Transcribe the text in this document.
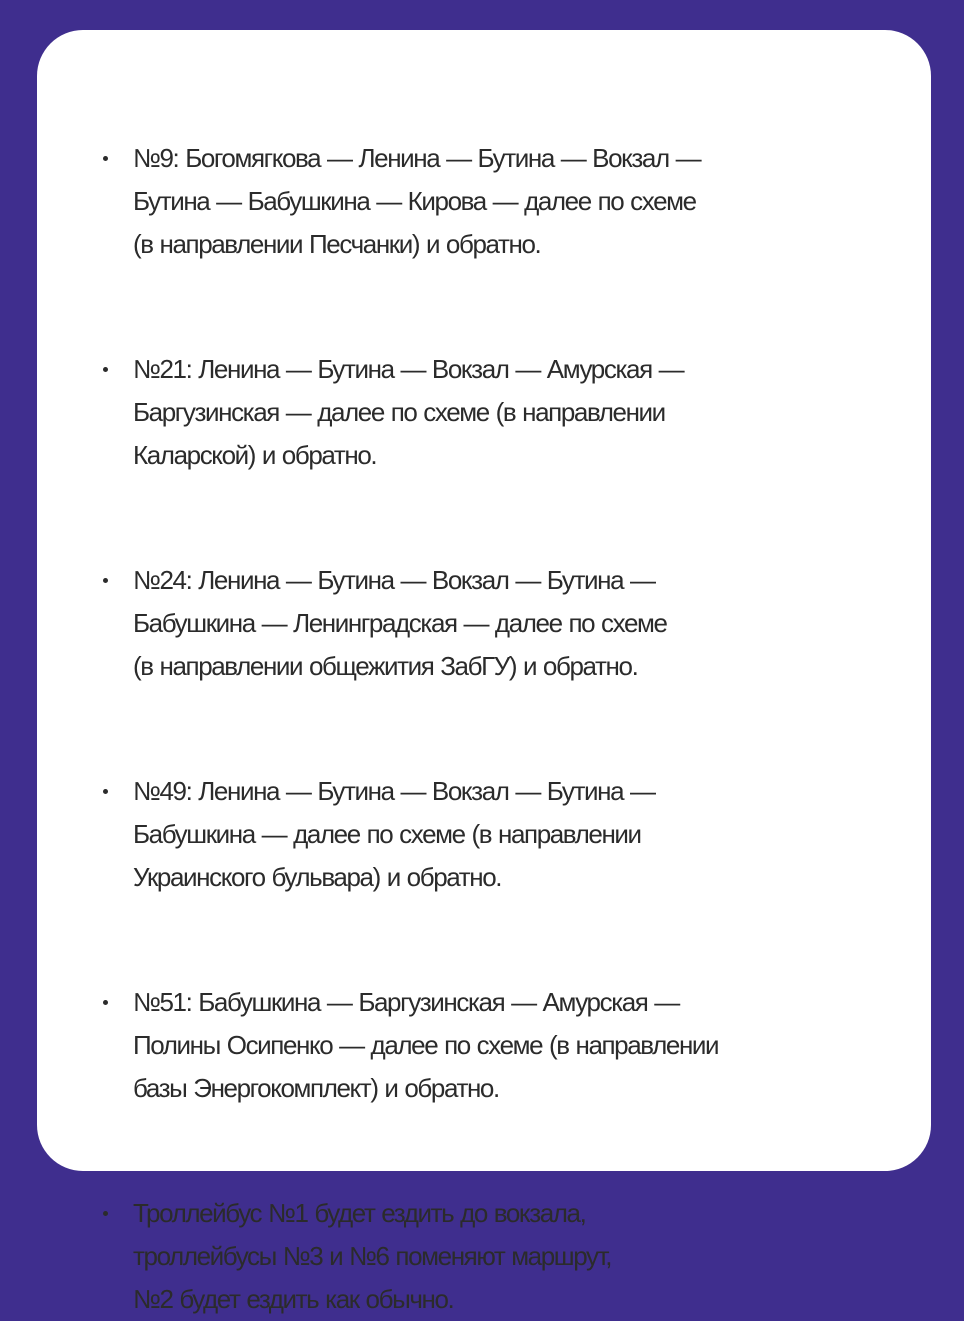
№9: Богомягкова — Ленина — Бутина — Вокзал —
Бутина — Бабушкина — Кирова — далее по схеме
(в направлении Песчанки) и обратно.
№21: Ленина — Бутина — Вокзал — Амурская —
Баргузинская — далее по схеме (в направлении
Каларской) и обратно.
№24: Ленина — Бутина — Вокзал — Бутина —
Бабушкина — Ленинградская — далее по схеме
(в направлении общежития ЗабГУ) и обратно.
№49: Ленина — Бутина — Вокзал — Бутина —
Бабушкина — далее по схеме (в направлении
Украинского бульвара) и обратно.
№51: Бабушкина — Баргузинская — Амурская —
Полины Осипенко — далее по схеме (в направлении
базы Энергокомплект) и обратно.
Троллейбус №1 будет ездить до вокзала,
троллейбусы №3 и №6 поменяют маршрут,
№2 будет ездить как обычно.
